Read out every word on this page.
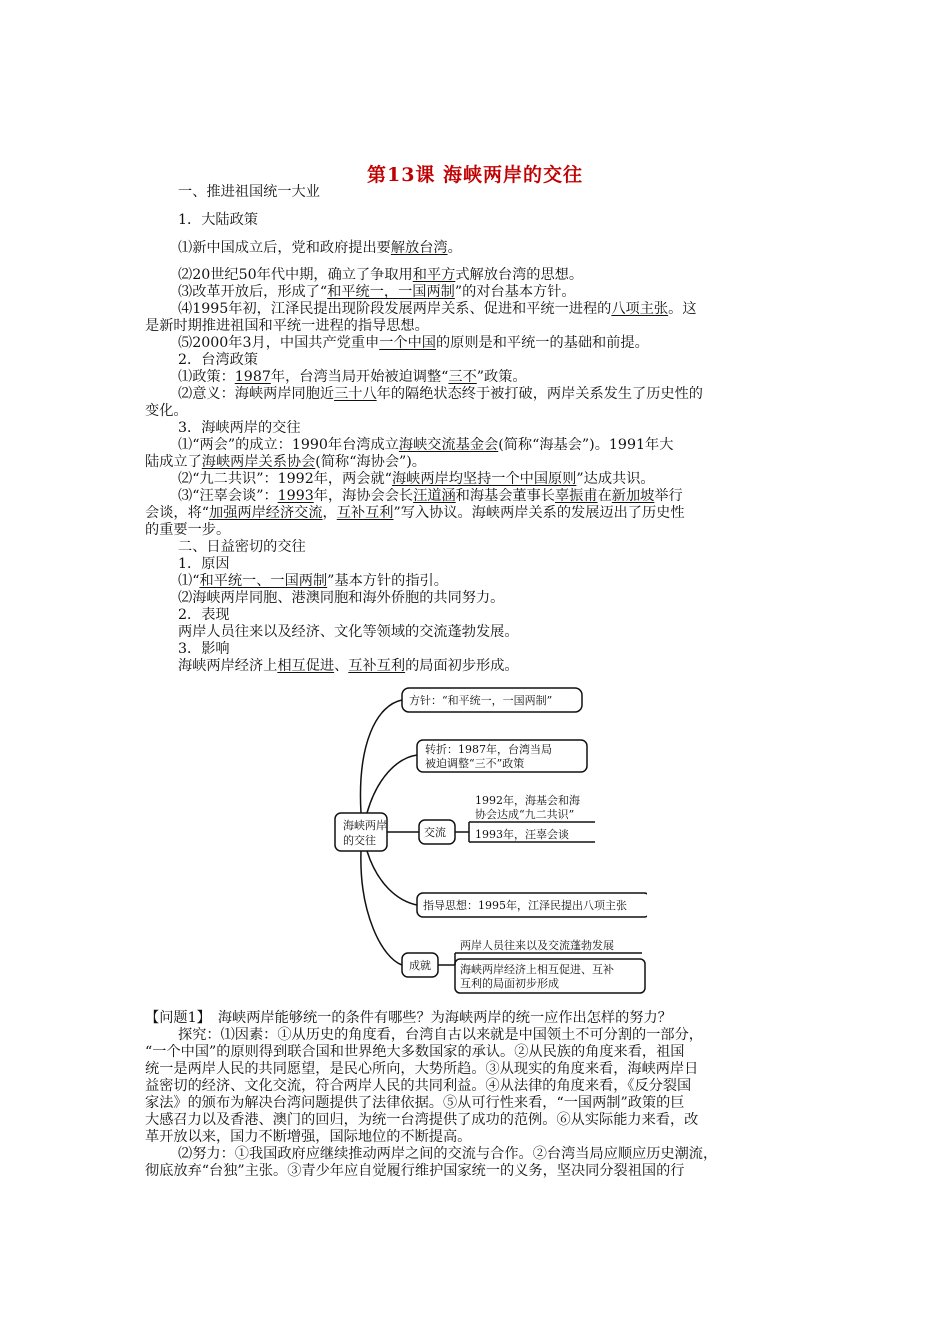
第13课 海峡两岸的交往
一、推进祖国统一大业
1．大陆政策
⑴新中国成立后，党和政府提出要解放台湾。
⑵20世纪50年代中期，确立了争取用和平方式解放台湾的思想。
⑶改革开放后，形成了“和平统一，一国两制”的对台基本方针。
⑷1995年初，江泽民提出现阶段发展两岸关系、促进和平统一进程的八项主张。这
是新时期推进祖国和平统一进程的指导思想。
⑸2000年3月，中国共产党重申一个中国的原则是和平统一的基础和前提。
2．台湾政策
⑴政策：1987年，台湾当局开始被迫调整“三不”政策。
⑵意义：海峡两岸同胞近三十八年的隔绝状态终于被打破，两岸关系发生了历史性的
变化。
3．海峡两岸的交往
⑴“两会”的成立：1990年台湾成立海峡交流基金会(简称“海基会”)。1991年大
陆成立了海峡两岸关系协会(简称“海协会”)。
⑵“九二共识”：1992年，两会就“海峡两岸均坚持一个中国原则”达成共识。
⑶“汪辜会谈”：1993年，海协会会长汪道涵和海基会董事长辜振甫在新加坡举行
会谈，将“加强两岸经济交流，互补互利”写入协议。海峡两岸关系的发展迈出了历史性
的重要一步。
二、日益密切的交往
1．原因
⑴“和平统一、一国两制”基本方针的指引。
⑵海峡两岸同胞、港澳同胞和海外侨胞的共同努力。
2．表现
两岸人员往来以及经济、文化等领域的交流蓬勃发展。
3．影响
海峡两岸经济上相互促进、互补互利的局面初步形成。
海峡两岸
的交往
方针：“和平统一，一国两制”
转折：1987年，台湾当局
被迫调整“三不”政策
交流
1992年，海基会和海
协会达成“九二共识”
1993年，汪辜会谈
指导思想：1995年，江泽民提出八项主张
成就
两岸人员往来以及交流蓬勃发展
海峡两岸经济上相互促进、互补
互利的局面初步形成
【问题1】　海峡两岸能够统一的条件有哪些？为海峡两岸的统一应作出怎样的努力？
探究：⑴因素：①从历史的角度看，台湾自古以来就是中国领土不可分割的一部分，
“一个中国”的原则得到联合国和世界绝大多数国家的承认。②从民族的角度来看，祖国
统一是两岸人民的共同愿望，是民心所向，大势所趋。③从现实的角度来看，海峡两岸日
益密切的经济、文化交流，符合两岸人民的共同利益。④从法律的角度来看，《反分裂国
家法》的颁布为解决台湾问题提供了法律依据。⑤从可行性来看，“一国两制”政策的巨
大感召力以及香港、澳门的回归，为统一台湾提供了成功的范例。⑥从实际能力来看，改
革开放以来，国力不断增强，国际地位的不断提高。
⑵努力：①我国政府应继续推动两岸之间的交流与合作。②台湾当局应顺应历史潮流，
彻底放弃“台独”主张。③青少年应自觉履行维护国家统一的义务，坚决同分裂祖国的行
